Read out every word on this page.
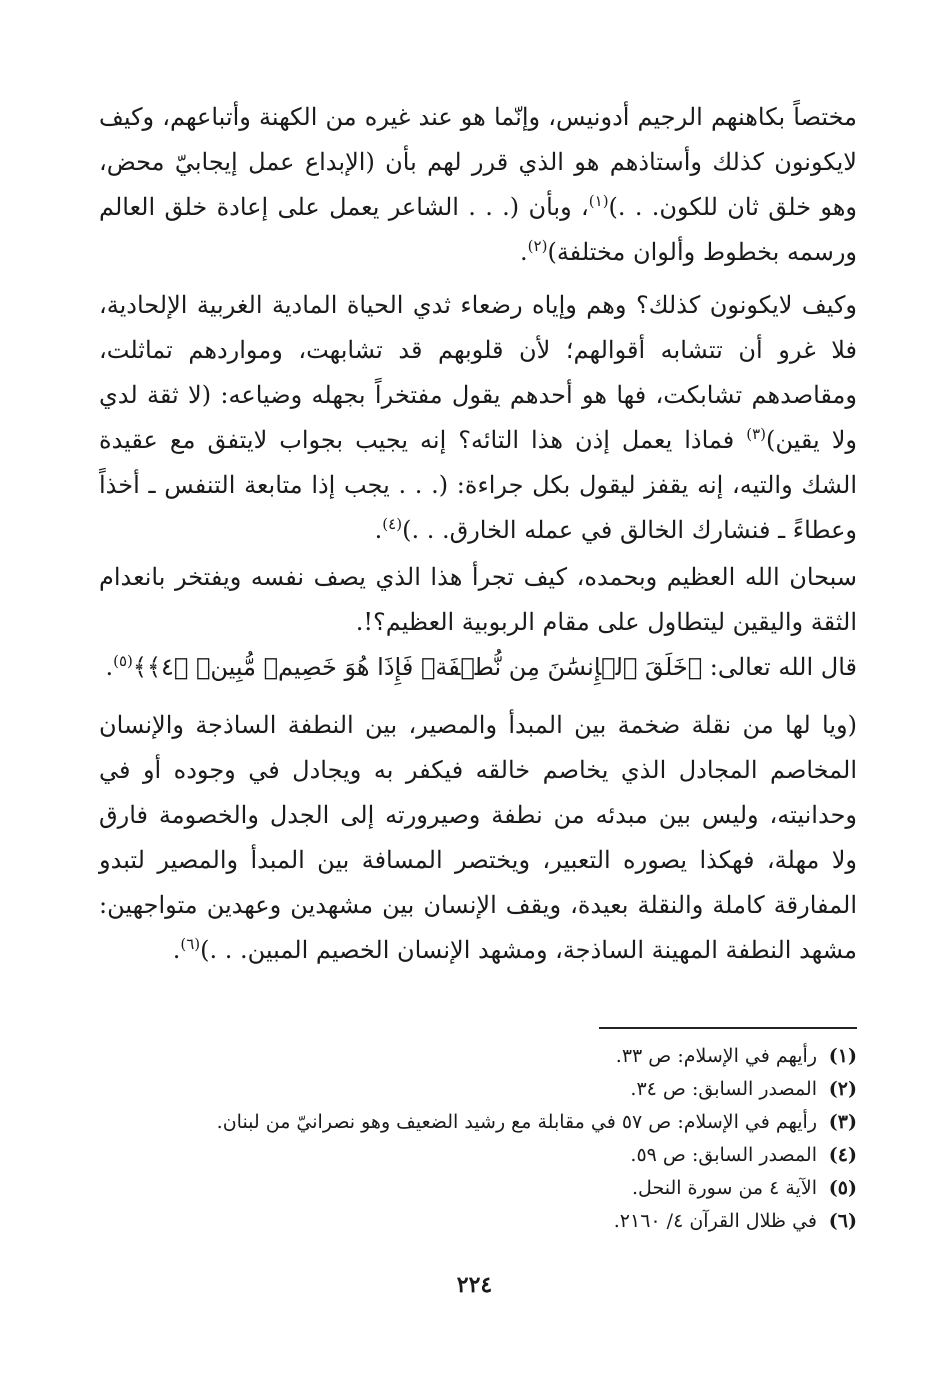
مختصاً بكاهنهم الرجيم أدونيس، وإنّما هو عند غيره من الكهنة وأتباعهم، وكيف لايكونون كذلك وأستاذهم هو الذي قرر لهم بأن (الإبداع عمل إيجابيّ محض، وهو خلق ثان للكون. . .)$^{(١)}$، وبأن (. . . الشاعر يعمل على إعادة خلق العالم ورسمه بخطوط وألوان مختلفة)$^{(٢)}$.

وكيف لايكونون كذلك؟ وهم وإياه رضعاء ثدي الحياة المادية الغربية الإلحادية، فلا غرو أن تتشابه أقوالهم؛ لأن قلوبهم قد تشابهت، ومواردهم تماثلت، ومقاصدهم تشابكت، فها هو أحدهم يقول مفتخراً بجهله وضياعه: (لا ثقة لدي ولا يقين)$^{(٣)}$ فماذا يعمل إذن هذا التائه؟ إنه يجيب بجواب لايتفق مع عقيدة الشك والتيه، إنه يقفز ليقول بكل جراءة: (. . . يجب إذا متابعة التنفس ـ أخذاً وعطاءً ـ فنشارك الخالق في عمله الخارق. . .)$^{(٤)}$.

سبحان الله العظيم وبحمده، كيف تجرأ هذا الذي يصف نفسه ويفتخر بانعدام الثقة واليقين ليتطاول على مقام الربوبية العظيم؟!.

قال الله تعالى: ﴿خَلَقَ ٱلۡإِنسَٰنَ مِن نُّطۡفَةٖ فَإِذَا هُوَ خَصِيمٞ مُّبِينٞ ﴿٤﴾﴾$^{(٥)}$.

(ويا لها من نقلة ضخمة بين المبدأ والمصير، بين النطفة الساذجة والإنسان المخاصم المجادل الذي يخاصم خالقه فيكفر به ويجادل في وجوده أو في وحدانيته، وليس بين مبدئه من نطفة وصيرورته إلى الجدل والخصومة فارق ولا مهلة، فهكذا يصوره التعبير، ويختصر المسافة بين المبدأ والمصير لتبدو المفارقة كاملة والنقلة بعيدة، ويقف الإنسان بين مشهدين وعهدين متواجهين: مشهد النطفة المهينة الساذجة، ومشهد الإنسان الخصيم المبين. . .)$^{(٦)}$.

(١)رأيهم في الإسلام: ص ٣٣.
(٢)المصدر السابق: ص ٣٤.
(٣)رأيهم في الإسلام: ص ٥٧ في مقابلة مع رشيد الضعيف وهو نصرانيّ من لبنان.
(٤)المصدر السابق: ص ٥٩.
(٥)الآية ٤ من سورة النحل.
(٦)في ظلال القرآن ٤/ ٢١٦٠.
٢٢٤
